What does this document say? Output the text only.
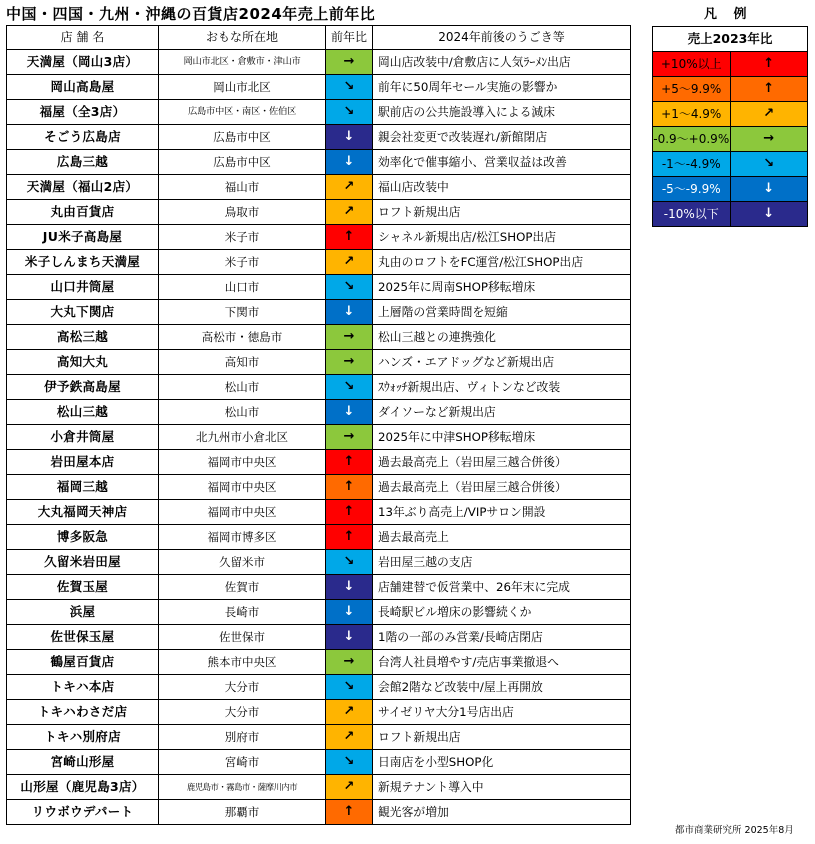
中国・四国・九州・沖縄の百貨店2024年売上前年比
店 舗 名	おもな所在地	前年比	2024年前後のうごき等
天満屋（岡山3店）	岡山市北区・倉敷市・津山市	→	岡山店改装中/倉敷店に人気ﾗｰﾒﾝ出店
岡山高島屋	岡山市北区	↘	前年に50周年セール実施の影響か
福屋（全3店）	広島市中区・南区・佐伯区	↘	駅前店の公共施設導入による減床
そごう広島店	広島市中区	↓	親会社変更で改装遅れ/新館閉店
広島三越	広島市中区	↓	効率化で催事縮小、営業収益は改善
天満屋（福山2店）	福山市	↗	福山店改装中
丸由百貨店	鳥取市	↗	ロフト新規出店
JU米子高島屋	米子市	↑	シャネル新規出店/松江SHOP出店
米子しんまち天満屋	米子市	↗	丸由のロフトをFC運営/松江SHOP出店
山口井筒屋	山口市	↘	2025年に周南SHOP移転増床
大丸下関店	下関市	↓	上層階の営業時間を短縮
高松三越	高松市・徳島市	→	松山三越との連携強化
高知大丸	高知市	→	ハンズ・エアドッグなど新規出店
伊予鉄高島屋	松山市	↘	ｽｳｫｯﾁ新規出店、ヴィトンなど改装
松山三越	松山市	↓	ダイソーなど新規出店
小倉井筒屋	北九州市小倉北区	→	2025年に中津SHOP移転増床
岩田屋本店	福岡市中央区	↑	過去最高売上（岩田屋三越合併後）
福岡三越	福岡市中央区	↑	過去最高売上（岩田屋三越合併後）
大丸福岡天神店	福岡市中央区	↑	13年ぶり高売上/VIPサロン開設
博多阪急	福岡市博多区	↑	過去最高売上
久留米岩田屋	久留米市	↘	岩田屋三越の支店
佐賀玉屋	佐賀市	↓	店舗建替で仮営業中、26年末に完成
浜屋	長崎市	↓	長崎駅ビル増床の影響続くか
佐世保玉屋	佐世保市	↓	1階の一部のみ営業/長崎店閉店
鶴屋百貨店	熊本市中央区	→	台湾人社員増やす/売店事業撤退へ
トキハ本店	大分市	↘	会館2階など改装中/屋上再開放
トキハわさだ店	大分市	↗	サイゼリヤ大分1号店出店
トキハ別府店	別府市	↗	ロフト新規出店
宮崎山形屋	宮崎市	↘	日南店を小型SHOP化
山形屋（鹿児島3店）	鹿児島市・霧島市・薩摩川内市	↗	新規テナント導入中
リウボウデパート	那覇市	↑	観光客が増加
凡 例
売上2023年比	
+10%以上	↑
+5～9.9%	↑
+1～4.9%	↗
-0.9～+0.9%	→
-1～-4.9%	↘
-5～-9.9%	↓
-10%以下	↓
都市商業研究所 2025年8月
